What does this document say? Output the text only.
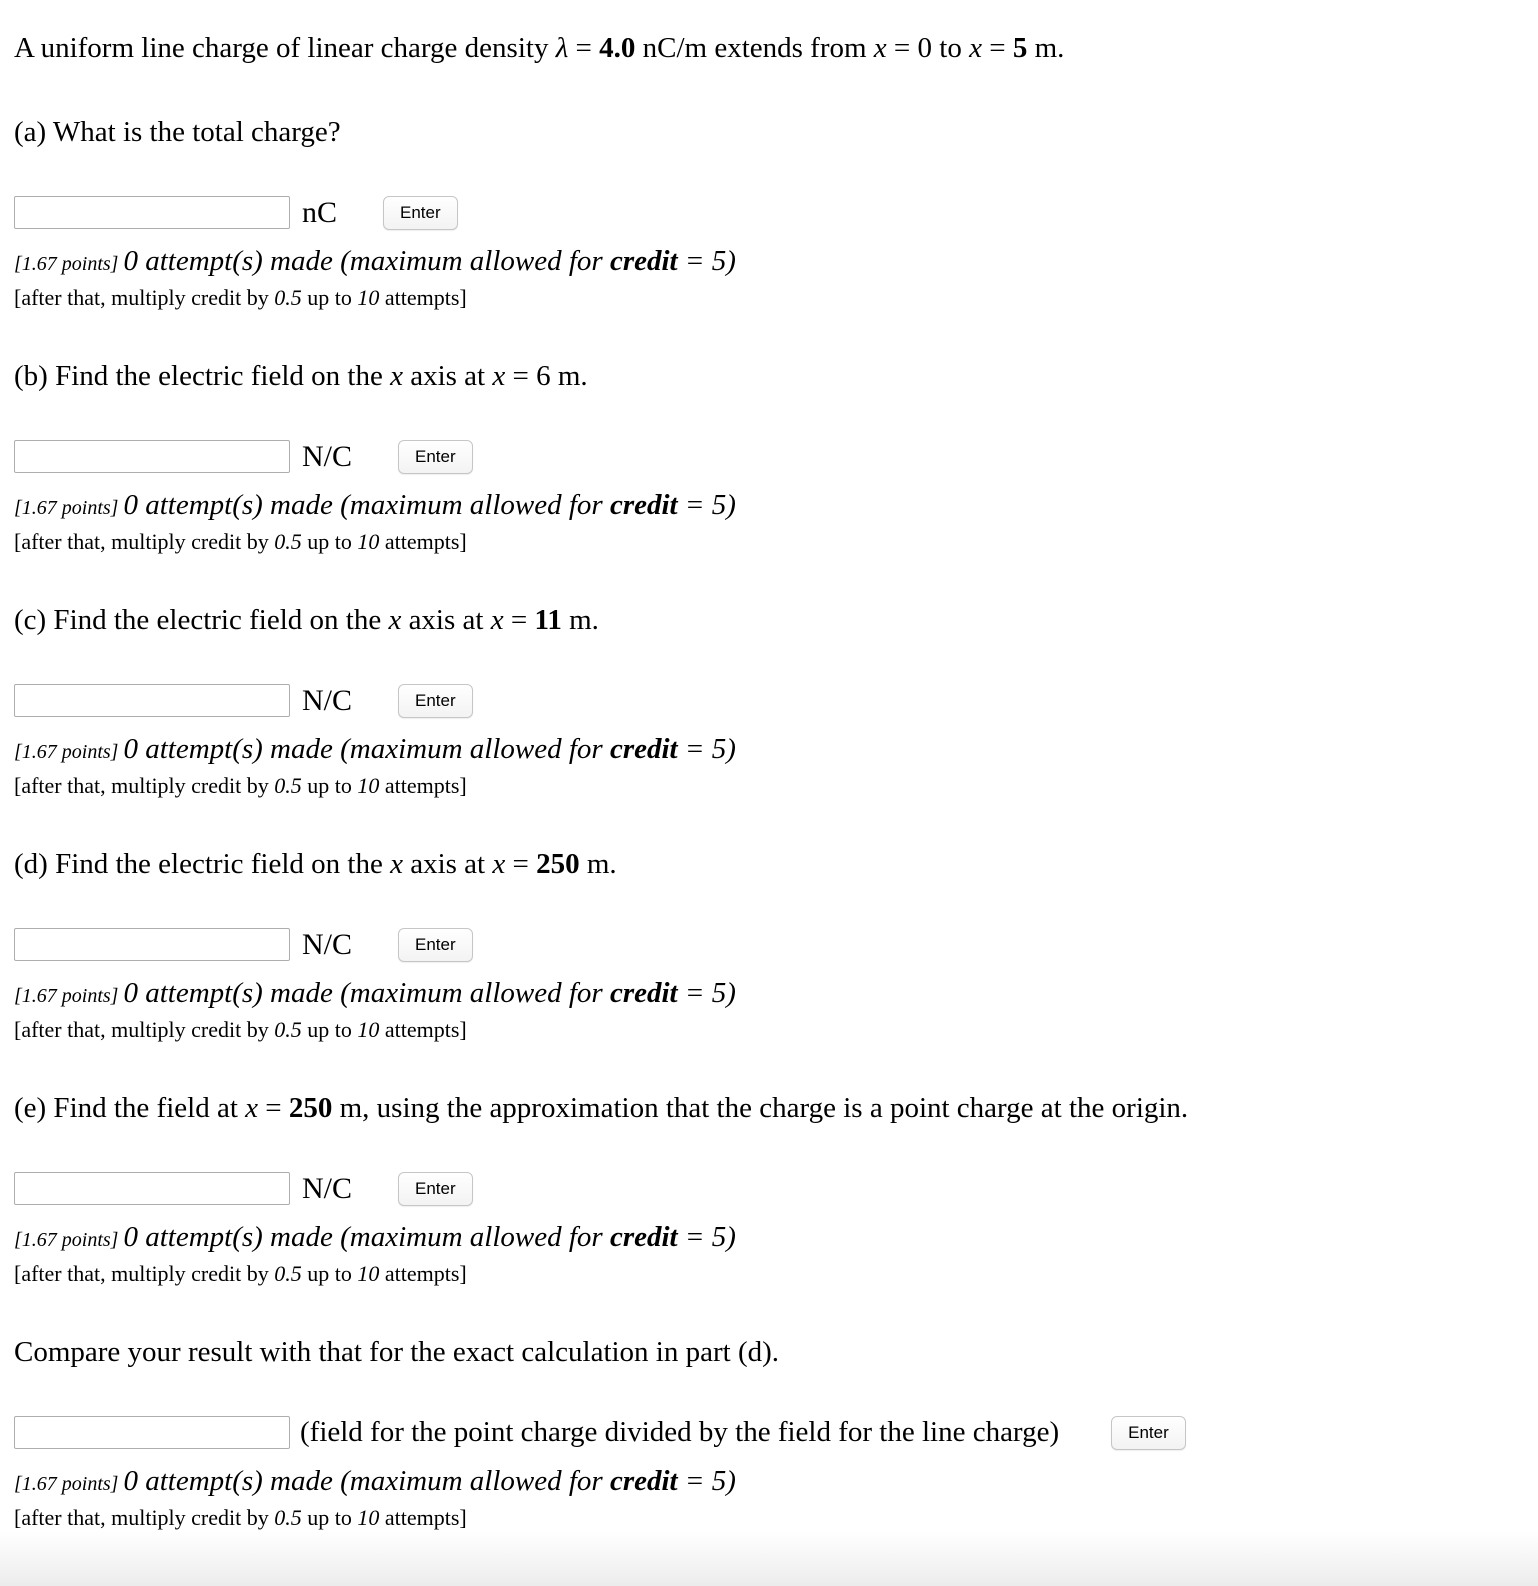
A uniform line charge of linear charge density λ = 4.0 nC/m extends from x = 0 to x = 5 m.

(a) What is the total charge?

nC	Enter

[1.67 points] 0 attempt(s) made (maximum allowed for credit = 5)

[after that, multiply credit by 0.5 up to 10 attempts]

(b) Find the electric field on the x axis at x = 6 m.

N/C	Enter

[1.67 points] 0 attempt(s) made (maximum allowed for credit = 5)

[after that, multiply credit by 0.5 up to 10 attempts]

(c) Find the electric field on the x axis at x = 11 m.

N/C	Enter

[1.67 points] 0 attempt(s) made (maximum allowed for credit = 5)

[after that, multiply credit by 0.5 up to 10 attempts]

(d) Find the electric field on the x axis at x = 250 m.

N/C	Enter

[1.67 points] 0 attempt(s) made (maximum allowed for credit = 5)

[after that, multiply credit by 0.5 up to 10 attempts]

(e) Find the field at x = 250 m, using the approximation that the charge is a point charge at the origin.

N/C	Enter

[1.67 points] 0 attempt(s) made (maximum allowed for credit = 5)

[after that, multiply credit by 0.5 up to 10 attempts]

Compare your result with that for the exact calculation in part (d).

(field for the point charge divided by the field for the line charge)	Enter

[1.67 points] 0 attempt(s) made (maximum allowed for credit = 5)

[after that, multiply credit by 0.5 up to 10 attempts]
